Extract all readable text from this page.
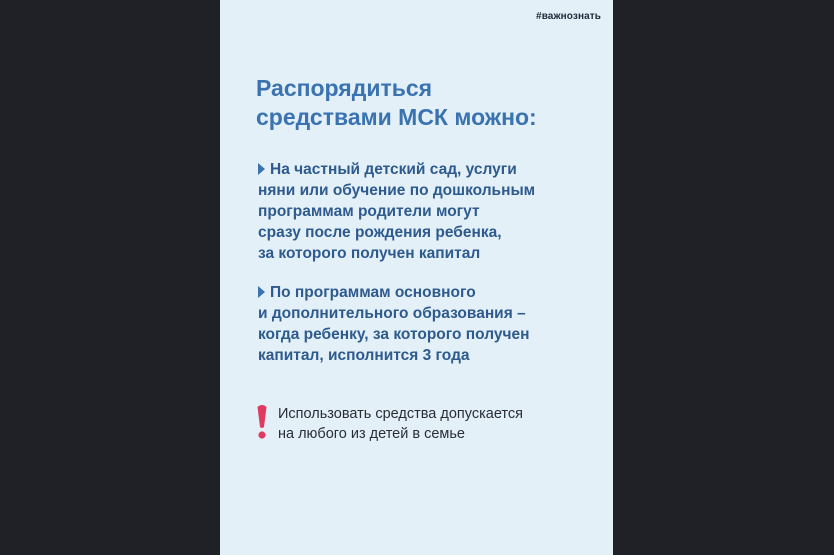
#важнознать
Распорядиться
средствами МСК можно:
На частный детский сад, услуги
няни или обучение по дошкольным
программам родители могут
сразу после рождения ребенка,
за которого получен капитал
По программам основного
и дополнительного образования –
когда ребенку, за которого получен
капитал, исполнится 3 года
Использовать средства допускается
на любого из детей в семье
